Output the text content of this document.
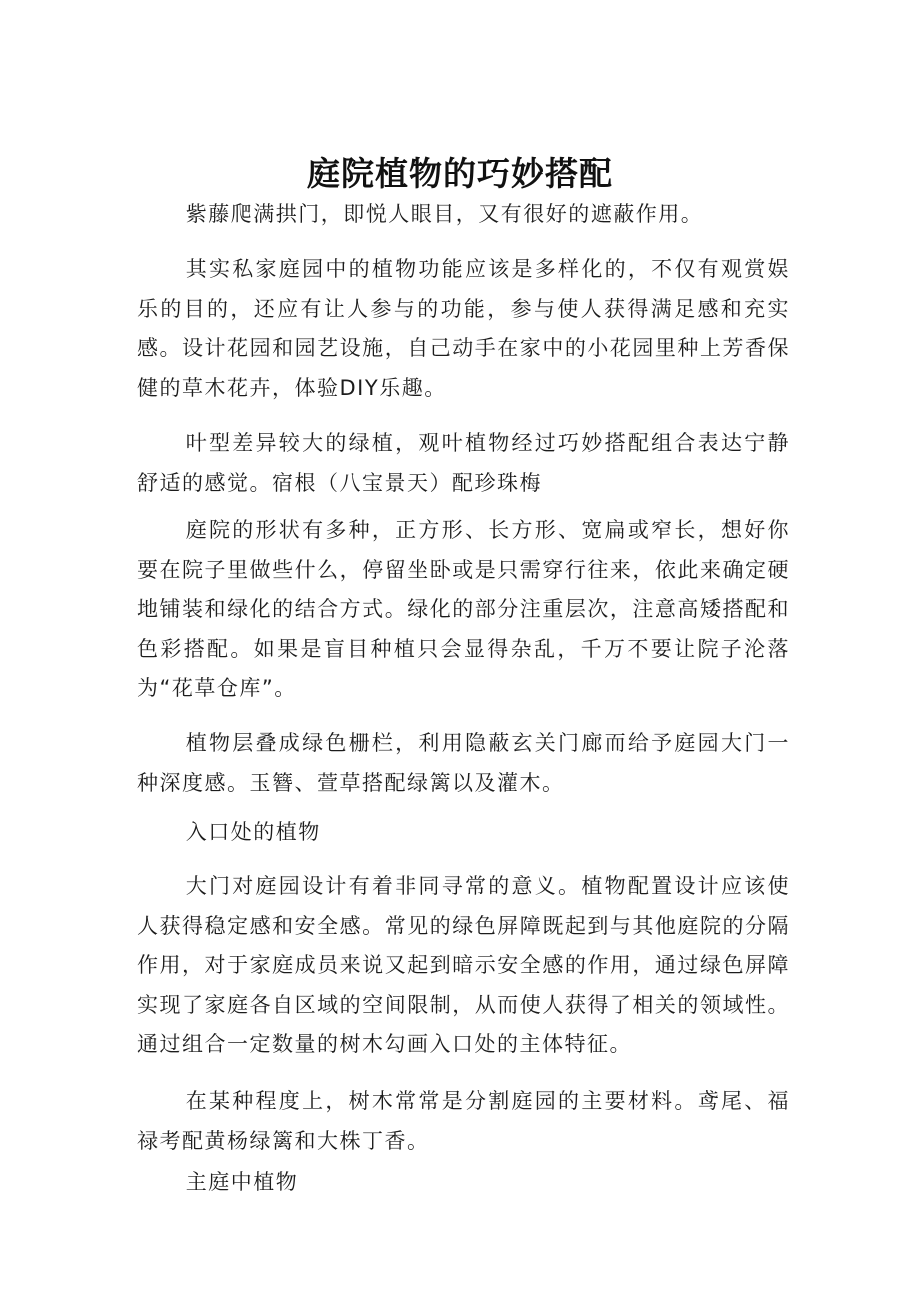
庭院植物的巧妙搭配

紫藤爬满拱门，即悦人眼目，又有很好的遮蔽作用。

其实私家庭园中的植物功能应该是多样化的，不仅有观赏娱乐的目的，还应有让人参与的功能，参与使人获得满足感和充实感。设计花园和园艺设施，自己动手在家中的小花园里种上芳香保健的草木花卉，体验DIY乐趣。

叶型差异较大的绿植，观叶植物经过巧妙搭配组合表达宁静舒适的感觉。宿根（八宝景天）配珍珠梅

庭院的形状有多种，正方形、长方形、宽扁或窄长，想好你要在院子里做些什么，停留坐卧或是只需穿行往来，依此来确定硬地铺装和绿化的结合方式。绿化的部分注重层次，注意高矮搭配和色彩搭配。如果是盲目种植只会显得杂乱，千万不要让院子沦落为“花草仓库”。

植物层叠成绿色栅栏，利用隐蔽玄关门廊而给予庭园大门一种深度感。玉簪、萱草搭配绿篱以及灌木。

入口处的植物

大门对庭园设计有着非同寻常的意义。植物配置设计应该使人获得稳定感和安全感。常见的绿色屏障既起到与其他庭院的分隔作用，对于家庭成员来说又起到暗示安全感的作用，通过绿色屏障实现了家庭各自区域的空间限制，从而使人获得了相关的领域性。通过组合一定数量的树木勾画入口处的主体特征。

在某种程度上，树木常常是分割庭园的主要材料。鸢尾、福禄考配黄杨绿篱和大株丁香。

主庭中植物
